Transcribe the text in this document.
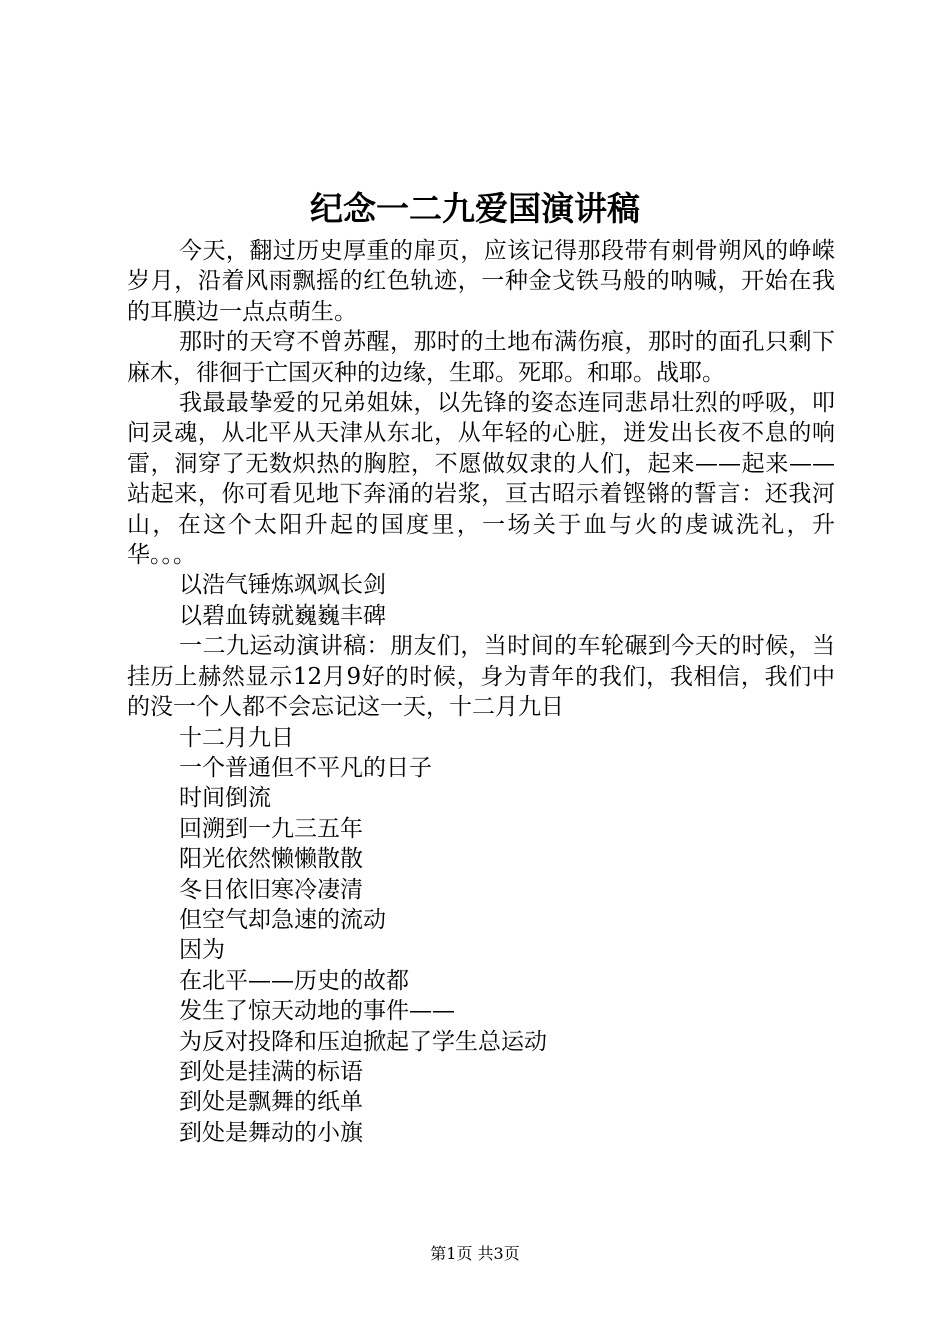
纪念一二九爱国演讲稿

今天，翻过历史厚重的扉页，应该记得那段带有刺骨朔风的峥嵘岁月，沿着风雨飘摇的红色轨迹，一种金戈铁马般的呐喊，开始在我的耳膜边一点点萌生。

那时的天穹不曾苏醒，那时的土地布满伤痕，那时的面孔只剩下麻木，徘徊于亡国灭种的边缘，生耶。死耶。和耶。战耶。

我最最挚爱的兄弟姐妹，以先锋的姿态连同悲昂壮烈的呼吸，叩问灵魂，从北平从天津从东北，从年轻的心脏，迸发出长夜不息的响雷，洞穿了无数炽热的胸腔，不愿做奴隶的人们，起来——起来——站起来，你可看见地下奔涌的岩浆，亘古昭示着铿锵的誓言：还我河山，在这个太阳升起的国度里，一场关于血与火的虔诚洗礼，升华。。。

以浩气锤炼飒飒长剑

以碧血铸就巍巍丰碑

一二九运动演讲稿：朋友们，当时间的车轮碾到今天的时候，当挂历上赫然显示12月9好的时候，身为青年的我们，我相信，我们中的没一个人都不会忘记这一天，十二月九日

十二月九日

一个普通但不平凡的日子

时间倒流

回溯到一九三五年

阳光依然懒懒散散

冬日依旧寒冷凄清

但空气却急速的流动

因为

在北平——历史的故都

发生了惊天动地的事件——

为反对投降和压迫掀起了学生总运动

到处是挂满的标语

到处是飘舞的纸单

到处是舞动的小旗

第1页 共3页
